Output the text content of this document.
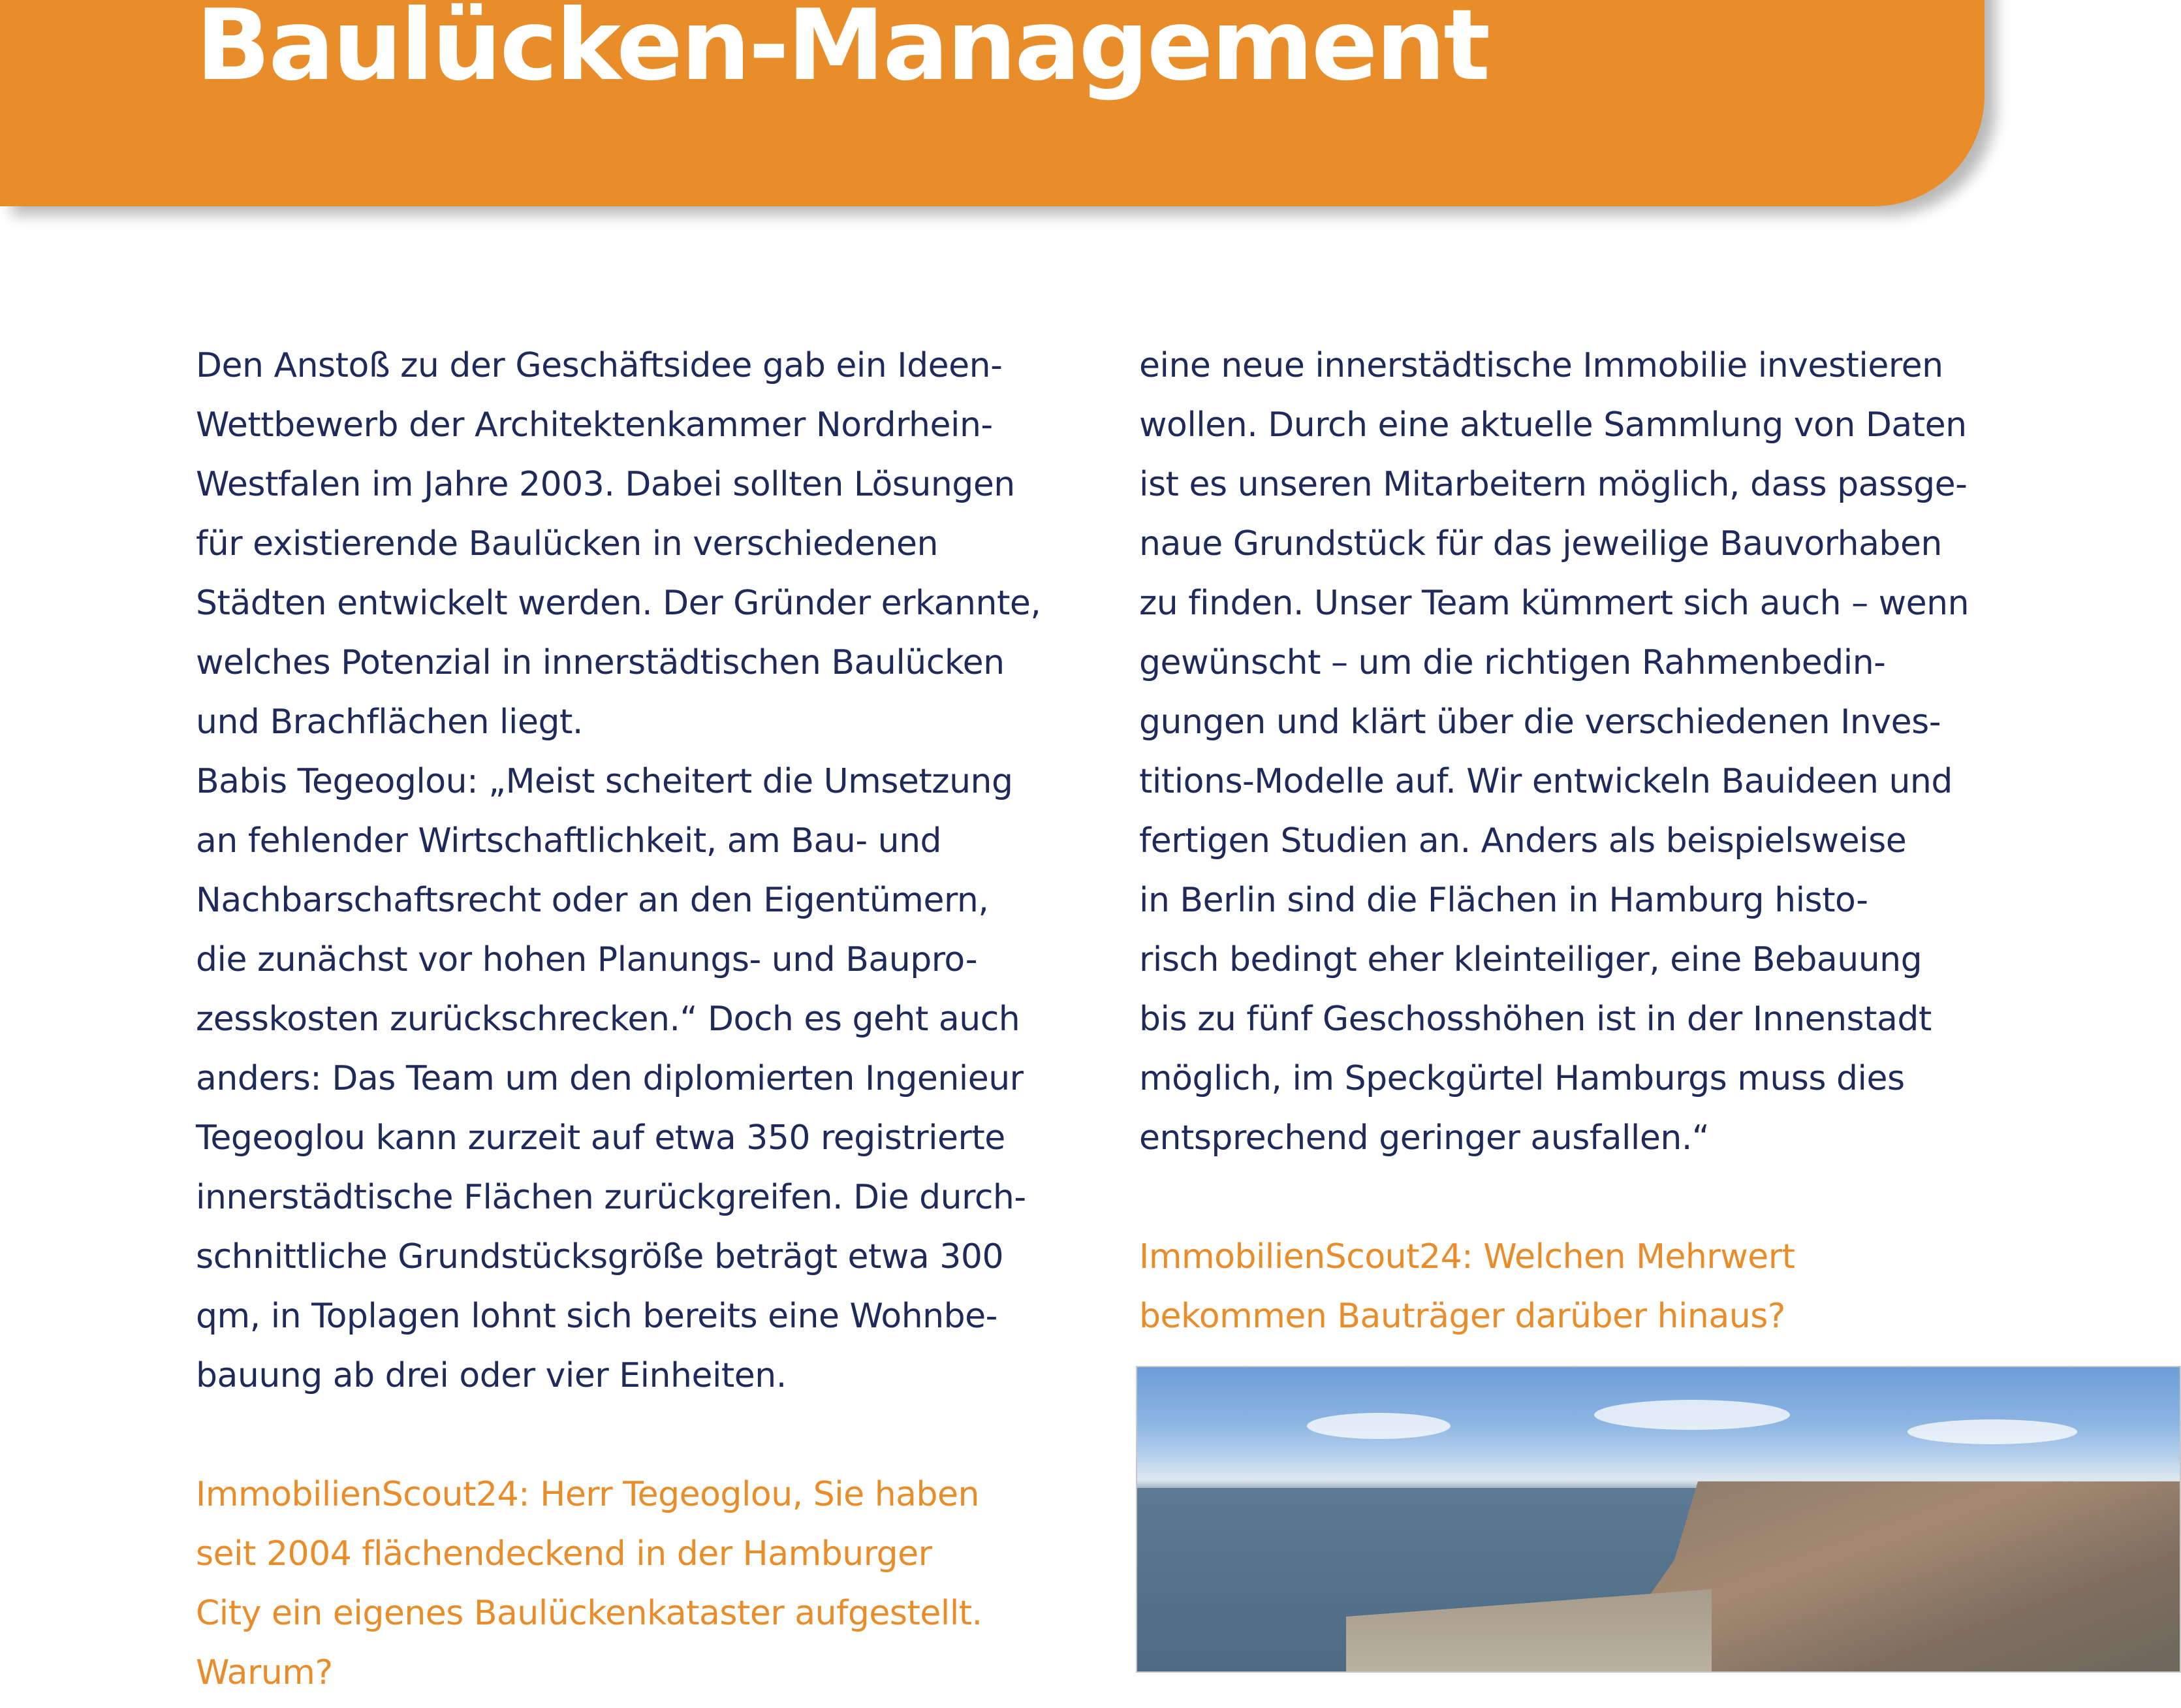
Baulücken-Management

Den Anstoß zu der Geschäftsidee gab ein Ideen-
Wettbewerb der Architektenkammer Nordrhein-
Westfalen im Jahre 2003. Dabei sollten Lösungen
für existierende Baulücken in verschiedenen
Städten entwickelt werden. Der Gründer erkannte,
welches Potenzial in innerstädtischen Baulücken
und Brachflächen liegt.

Babis Tegeoglou: „Meist scheitert die Umsetzung
an fehlender Wirtschaftlichkeit, am Bau- und
Nachbarschaftsrecht oder an den Eigentümern,
die zunächst vor hohen Planungs- und Baupro-
zesskosten zurückschrecken.“ Doch es geht auch
anders: Das Team um den diplomierten Ingenieur
Tegeoglou kann zurzeit auf etwa 350 registrierte
innerstädtische Flächen zurückgreifen. Die durch-
schnittliche Grundstücksgröße beträgt etwa 300
qm, in Toplagen lohnt sich bereits eine Wohnbe-
bauung ab drei oder vier Einheiten.

ImmobilienScout24: Herr Tegeoglou, Sie haben
seit 2004 flächendeckend in der Hamburger
City ein eigenes Baulückenkataster aufgestellt.
Warum?

eine neue innerstädtische Immobilie investieren
wollen. Durch eine aktuelle Sammlung von Daten
ist es unseren Mitarbeitern möglich, dass passge-
naue Grundstück für das jeweilige Bauvorhaben
zu finden. Unser Team kümmert sich auch – wenn
gewünscht – um die richtigen Rahmenbedin-
gungen und klärt über die verschiedenen Inves-
titions-Modelle auf. Wir entwickeln Bauideen und
fertigen Studien an. Anders als beispielsweise
in Berlin sind die Flächen in Hamburg histo-
risch bedingt eher kleinteiliger, eine Bebauung
bis zu fünf Geschosshöhen ist in der Innenstadt
möglich, im Speckgürtel Hamburgs muss dies
entsprechend geringer ausfallen.“

ImmobilienScout24: Welchen Mehrwert
bekommen Bauträger darüber hinaus?
